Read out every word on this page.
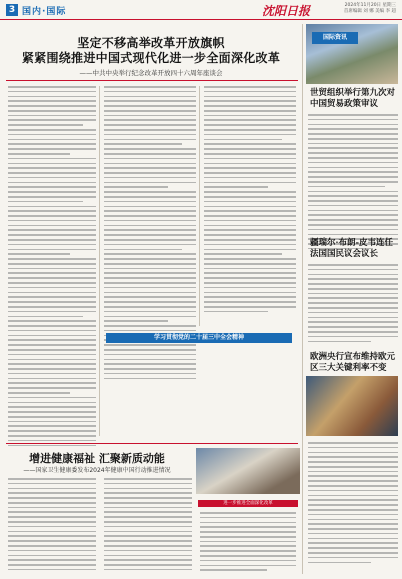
3 国内·国际	沈阳日报	2024年11月20日 星期三
首席编辑 刘 娜 美编 李 超
坚定不移高举改革开放旗帜
紧紧围绕推进中国式现代化进一步全面深化改革
——中共中央举行纪念改革开放四十六周年座谈会
学习贯彻党的二十届三中全会精神
国际资讯
世贸组织举行第九次对中国贸易政策审议
疆瑞尔·布朗-皮韦连任法国国民议会议长
欧洲央行宣布维持欧元区三大关键利率不变
增进健康福祉 汇聚新质动能
——国家卫生健康委发布2024年健康中国行动推进情况
进一步推进全面深化改革
